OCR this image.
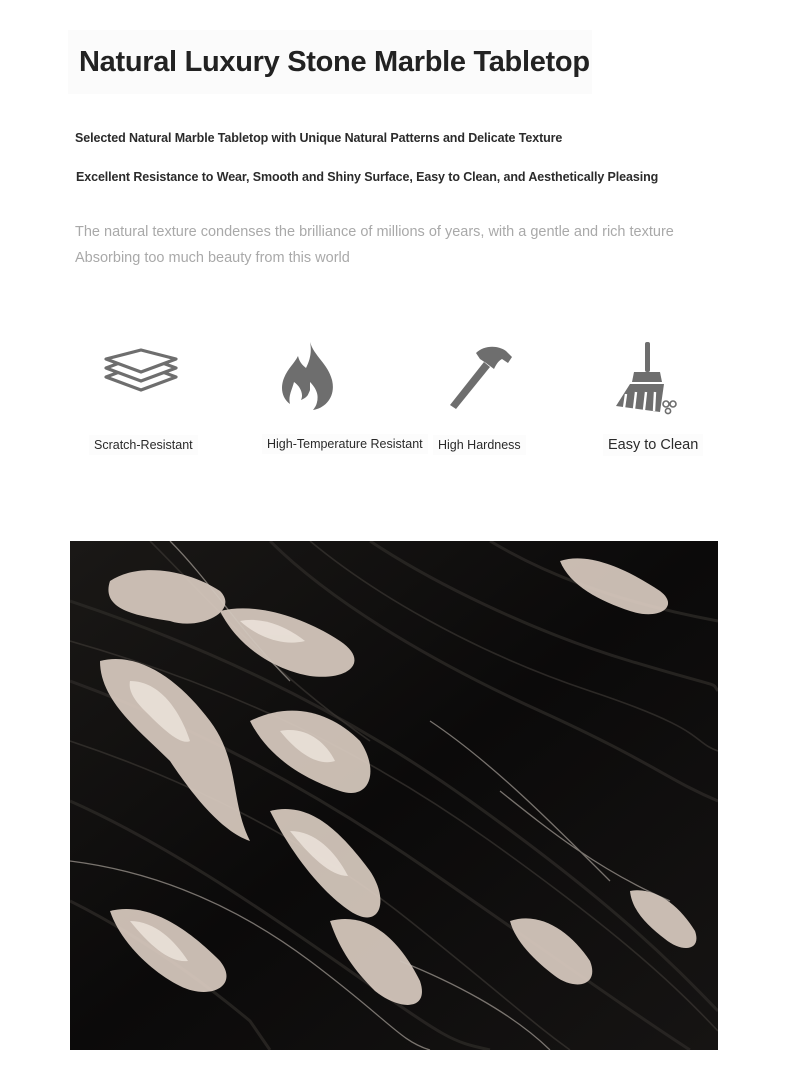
Natural Luxury Stone Marble Tabletop
Selected Natural Marble Tabletop with Unique Natural Patterns and Delicate Texture
Excellent Resistance to Wear, Smooth and Shiny Surface, Easy to Clean, and Aesthetically Pleasing
The natural texture condenses the brilliance of millions of years, with a gentle and rich texture
Absorbing too much beauty from this world
Scratch-Resistant	High-Temperature Resistant	High Hardness	Easy to Clean
